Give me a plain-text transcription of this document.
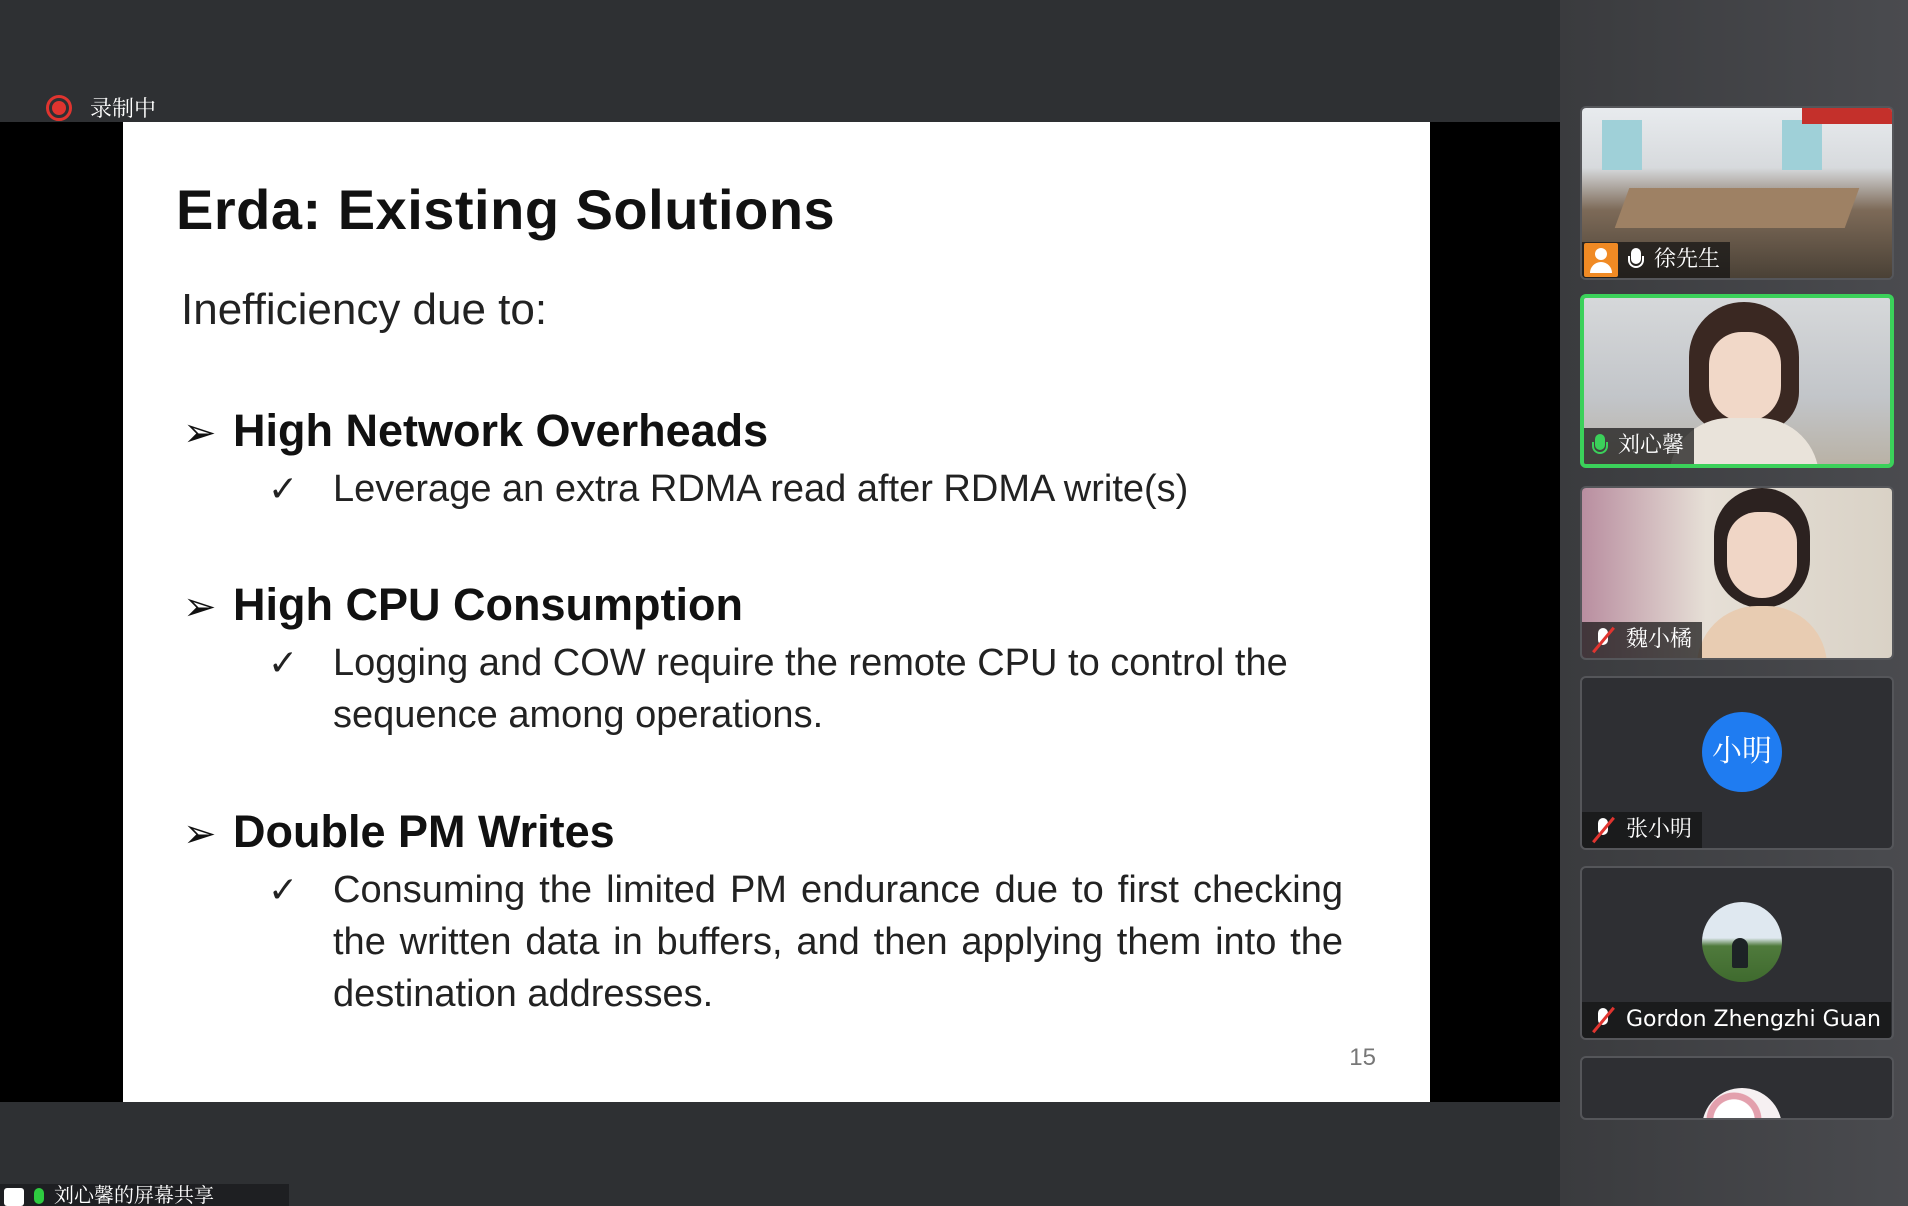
录制中
Erda: Existing Solutions
Inefficiency due to:
➢ High Network Overheads
✓ Leverage an extra RDMA read after RDMA write(s)
➢ High CPU Consumption
✓ Logging and COW require the remote CPU to control the sequence among operations.
➢ Double PM Writes
✓ Consuming the limited PM endurance due to first checking the written data in buffers, and then applying them into the destination addresses.
15
刘心馨的屏幕共享
徐先生
刘心馨
魏小橘
小明
张小明
Gordon Zhengzhi Guan
